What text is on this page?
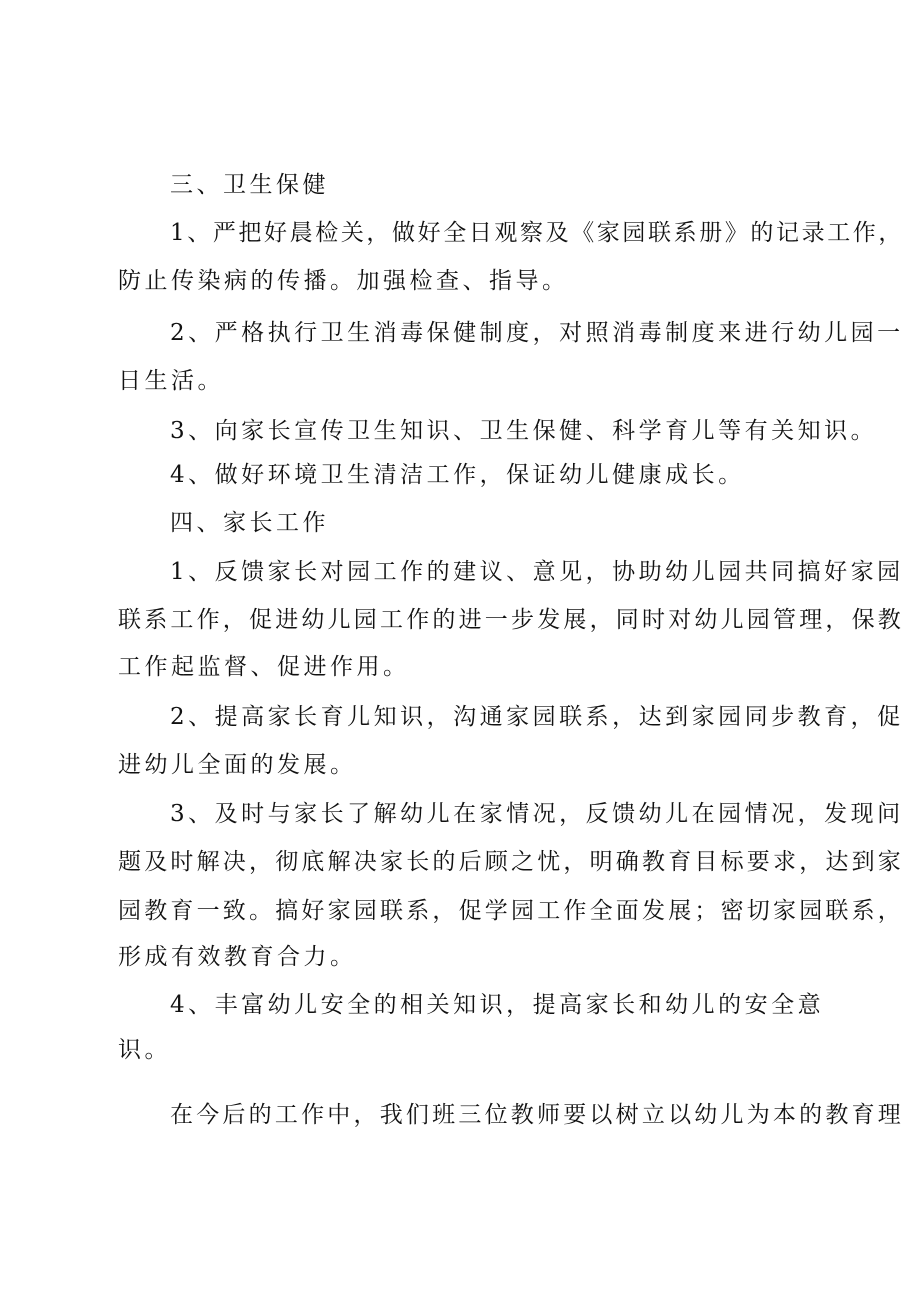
三、卫生保健
1、严把好晨检关，做好全日观察及《家园联系册》的记录工作，
防止传染病的传播。加强检查、指导。
2、严格执行卫生消毒保健制度，对照消毒制度来进行幼儿园一
日生活。
3、向家长宣传卫生知识、卫生保健、科学育儿等有关知识。
4、做好环境卫生清洁工作，保证幼儿健康成长。
四、家长工作
1、反馈家长对园工作的建议、意见，协助幼儿园共同搞好家园
联系工作，促进幼儿园工作的进一步发展，同时对幼儿园管理，保教
工作起监督、促进作用。
2、提高家长育儿知识，沟通家园联系，达到家园同步教育，促
进幼儿全面的发展。
3、及时与家长了解幼儿在家情况，反馈幼儿在园情况，发现问
题及时解决，彻底解决家长的后顾之忧，明确教育目标要求，达到家
园教育一致。搞好家园联系，促学园工作全面发展；密切家园联系，
形成有效教育合力。
4、丰富幼儿安全的相关知识，提高家长和幼儿的安全意
识。
在今后的工作中，我们班三位教师要以树立以幼儿为本的教育理
